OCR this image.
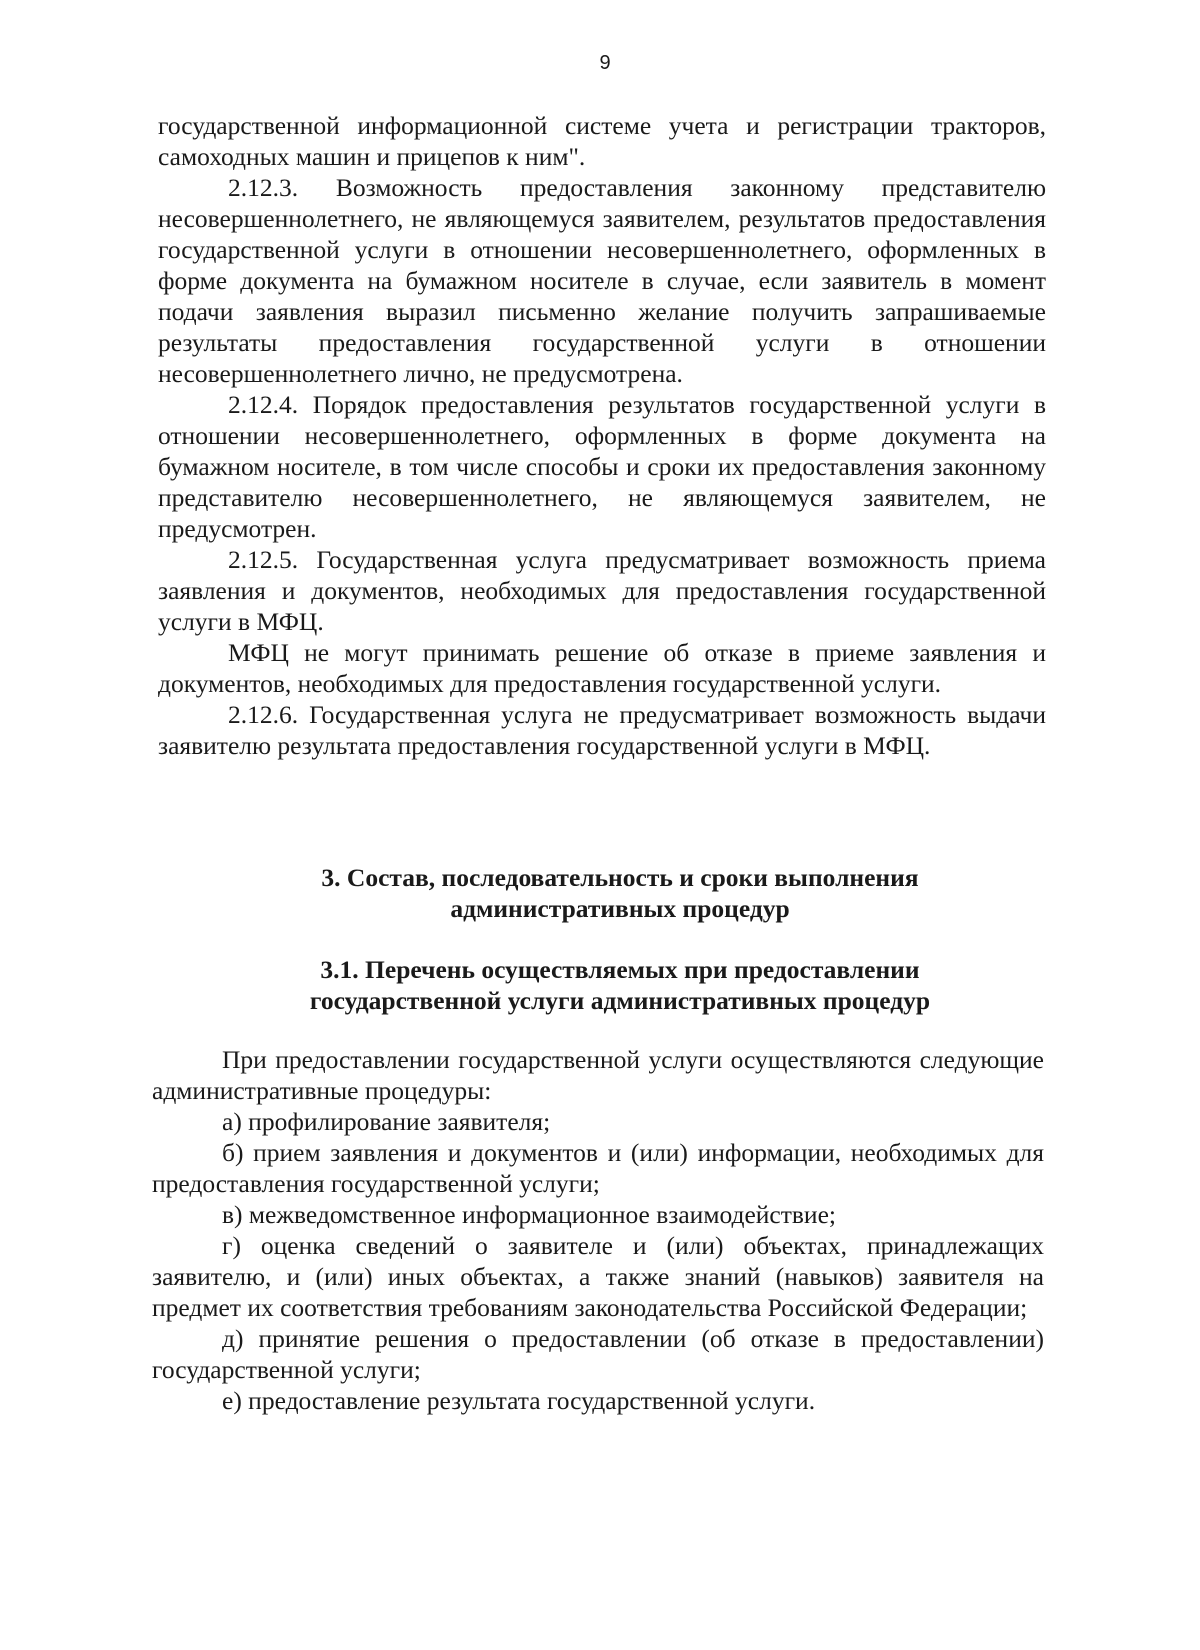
9

государственной информационной системе учета и регистрации тракторов, самоходных машин и прицепов к ним".

2.12.3. Возможность предоставления законному представителю несовершеннолетнего, не являющемуся заявителем, результатов предоставления государственной услуги в отношении несовершеннолетнего, оформленных в форме документа на бумажном носителе в случае, если заявитель в момент подачи заявления выразил письменно желание получить запрашиваемые результаты предоставления государственной услуги в отношении несовершеннолетнего лично, не предусмотрена.

2.12.4. Порядок предоставления результатов государственной услуги в отношении несовершеннолетнего, оформленных в форме документа на бумажном носителе, в том числе способы и сроки их предоставления законному представителю несовершеннолетнего, не являющемуся заявителем, не предусмотрен.

2.12.5. Государственная услуга предусматривает возможность приема заявления и документов, необходимых для предоставления государственной услуги в МФЦ.

МФЦ не могут принимать решение об отказе в приеме заявления и документов, необходимых для предоставления государственной услуги.

2.12.6. Государственная услуга не предусматривает возможность выдачи заявителю результата предоставления государственной услуги в МФЦ.

3. Состав, последовательность и сроки выполнения
административных процедур
3.1. Перечень осуществляемых при предоставлении
государственной услуги административных процедур

При предоставлении государственной услуги осуществляются следующие административные процедуры:

а) профилирование заявителя;

б) прием заявления и документов и (или) информации, необходимых для предоставления государственной услуги;

в) межведомственное информационное взаимодействие;

г) оценка сведений о заявителе и (или) объектах, принадлежащих заявителю, и (или) иных объектах, а также знаний (навыков) заявителя на предмет их соответствия требованиям законодательства Российской Федерации;

д) принятие решения о предоставлении (об отказе в предоставлении) государственной услуги;

е) предоставление результата государственной услуги.
